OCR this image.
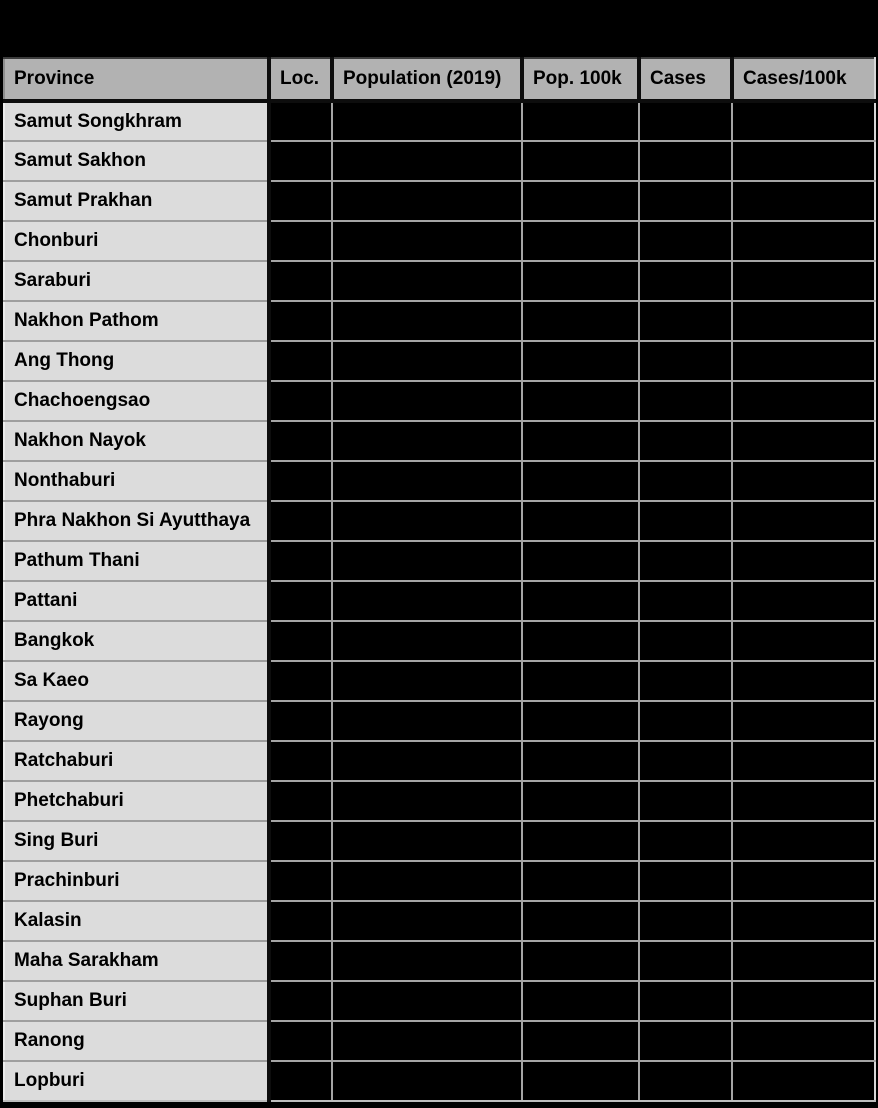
Province	Loc.	Population (2019)	Pop. 100k	Cases	Cases/100k
Samut Songkhram					
Samut Sakhon					
Samut Prakhan					
Chonburi					
Saraburi					
Nakhon Pathom					
Ang Thong					
Chachoengsao					
Nakhon Nayok					
Nonthaburi					
Phra Nakhon Si Ayutthaya					
Pathum Thani					
Pattani					
Bangkok					
Sa Kaeo					
Rayong					
Ratchaburi					
Phetchaburi					
Sing Buri					
Prachinburi					
Kalasin					
Maha Sarakham					
Suphan Buri					
Ranong					
Lopburi					
